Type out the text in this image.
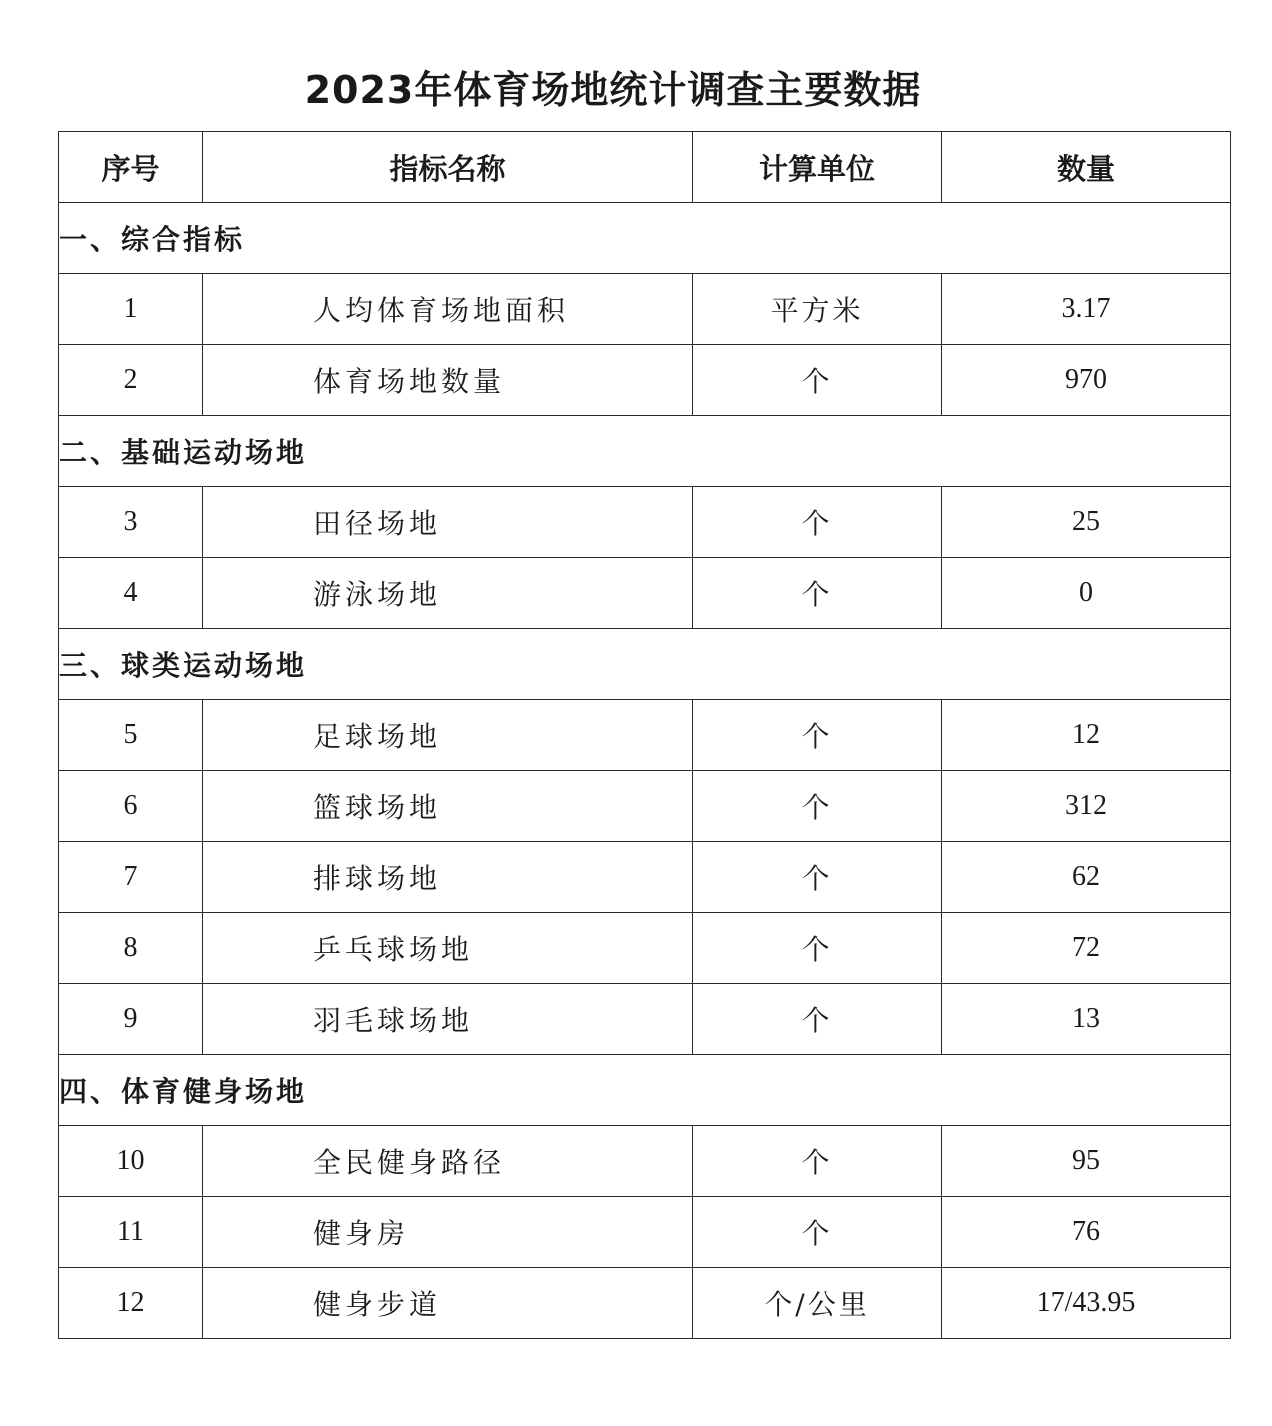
2023年体育场地统计调查主要数据
序号	指标名称	计算单位	数量
一、综合指标			
1	人均体育场地面积	平方米	3.17
2	体育场地数量	个	970
二、基础运动场地			
3	田径场地	个	25
4	游泳场地	个	0
三、球类运动场地			
5	足球场地	个	12
6	篮球场地	个	312
7	排球场地	个	62
8	乒乓球场地	个	72
9	羽毛球场地	个	13
四、体育健身场地			
10	全民健身路径	个	95
11	健身房	个	76
12	健身步道	个/公里	17/43.95
